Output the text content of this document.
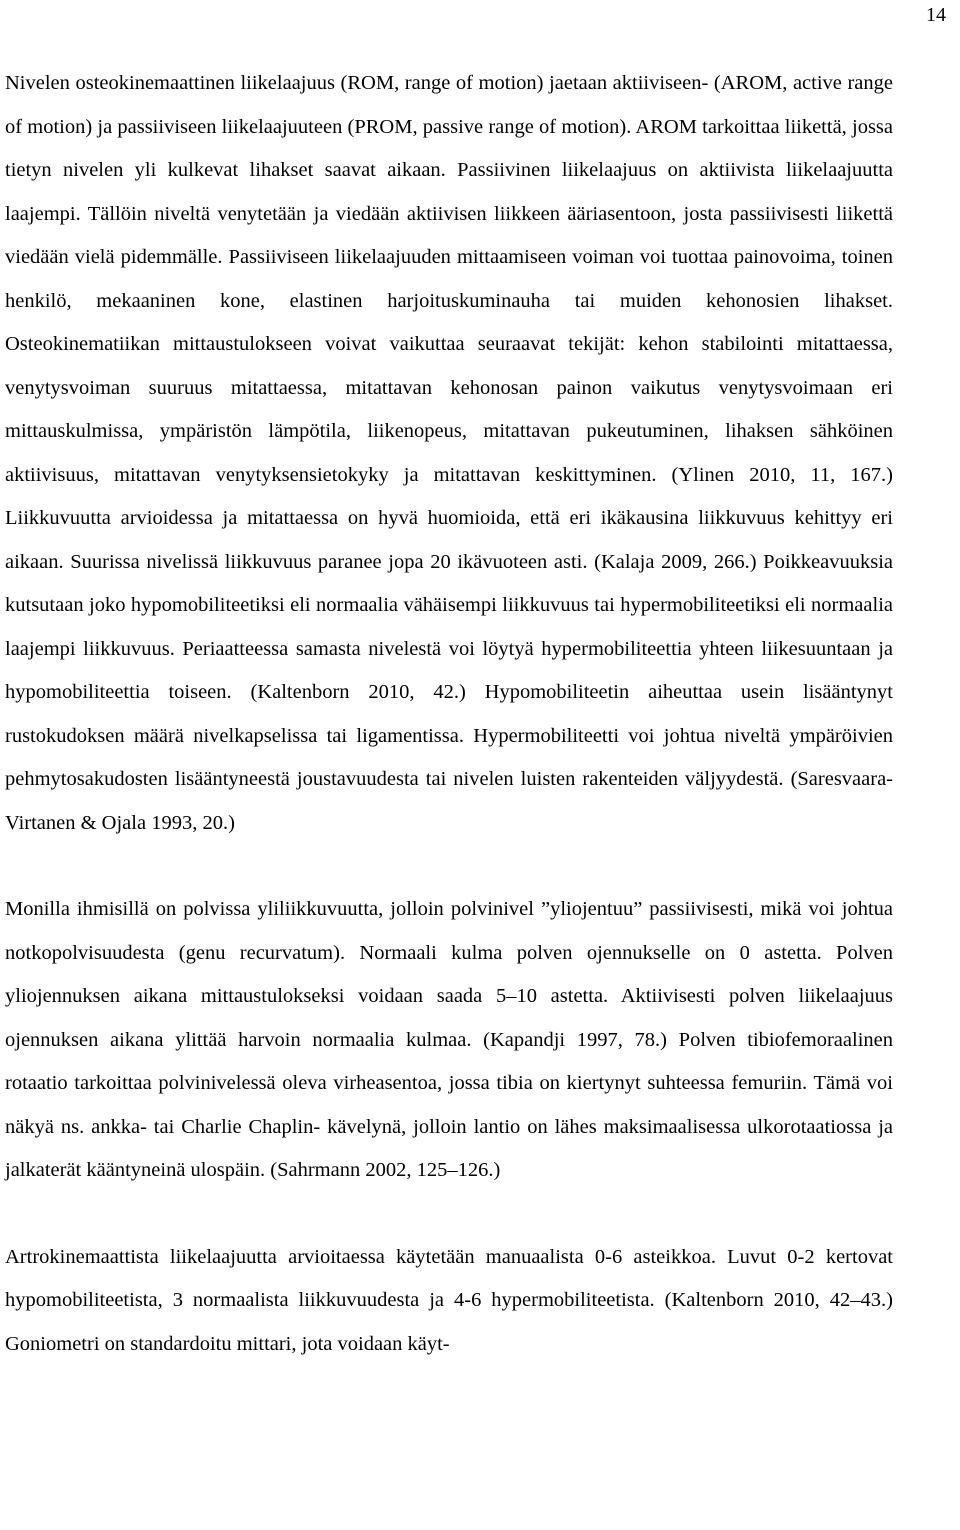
14

Nivelen osteokinemaattinen liikelaajuus (ROM, range of motion) jaetaan aktiiviseen- (AROM, active range of motion) ja passiiviseen liikelaajuuteen (PROM, passive range of motion). AROM tarkoittaa liikettä, jossa tietyn nivelen yli kulkevat lihakset saavat aikaan. Passiivinen liikelaajuus on aktiivista liikelaajuutta laajempi. Tällöin niveltä venytetään ja viedään aktiivisen liikkeen ääriasentoon, josta passiivisesti liikettä viedään vielä pidemmälle. Passiiviseen liikelaajuuden mittaamiseen voiman voi tuottaa painovoima, toinen henkilö, mekaaninen kone, elastinen harjoituskuminauha tai muiden kehonosien lihakset. Osteokinematiikan mittaustulokseen voivat vaikuttaa seuraavat tekijät: kehon stabilointi mitattaessa, venytysvoiman suuruus mitattaessa, mitattavan kehonosan painon vaikutus venytysvoimaan eri mittauskulmissa, ympäristön lämpötila, liikenopeus, mitattavan pukeutuminen, lihaksen sähköinen aktiivisuus, mitattavan venytyksensietokyky ja mitattavan keskittyminen. (Ylinen 2010, 11, 167.) Liikkuvuutta arvioidessa ja mitattaessa on hyvä huomioida, että eri ikäkausina liikkuvuus kehittyy eri aikaan. Suurissa nivelissä liikkuvuus paranee jopa 20 ikävuoteen asti. (Kalaja 2009, 266.) Poikkeavuuksia kutsutaan joko hypomobiliteetiksi eli normaalia vähäisempi liikkuvuus tai hypermobiliteetiksi eli normaalia laajempi liikkuvuus. Periaatteessa samasta nivelestä voi löytyä hypermobiliteettia yhteen liikesuuntaan ja hypomobiliteettia toiseen. (Kaltenborn 2010, 42.) Hypomobiliteetin aiheuttaa usein lisääntynyt rustokudoksen määrä nivelkapselissa tai ligamentissa. Hypermobiliteetti voi johtua niveltä ympäröivien pehmytosakudosten lisääntyneestä joustavuudesta tai nivelen luisten rakenteiden väljyydestä. (Saresvaara-Virtanen & Ojala 1993, 20.)

Monilla ihmisillä on polvissa yliliikkuvuutta, jolloin polvinivel ”yliojentuu” passiivisesti, mikä voi johtua notkopolvisuudesta (genu recurvatum). Normaali kulma polven ojennukselle on 0 astetta. Polven yliojennuksen aikana mittaustulokseksi voidaan saada 5–10 astetta. Aktiivisesti polven liikelaajuus ojennuksen aikana ylittää harvoin normaalia kulmaa. (Kapandji 1997, 78.) Polven tibiofemoraalinen rotaatio tarkoittaa polvinivelessä oleva virheasentoa, jossa tibia on kiertynyt suhteessa femuriin. Tämä voi näkyä ns. ankka- tai Charlie Chaplin- kävelynä, jolloin lantio on lähes maksimaalisessa ulkorotaatiossa ja jalkaterät kääntyneinä ulospäin. (Sahrmann 2002, 125–126.)

Artrokinemaattista liikelaajuutta arvioitaessa käytetään manuaalista 0-6 asteikkoa. Luvut 0-2 kertovat hypomobiliteetista, 3 normaalista liikkuvuudesta ja 4-6 hypermobiliteetista. (Kaltenborn 2010, 42–43.) Goniometri on standardoitu mittari, jota voidaan käyt-
